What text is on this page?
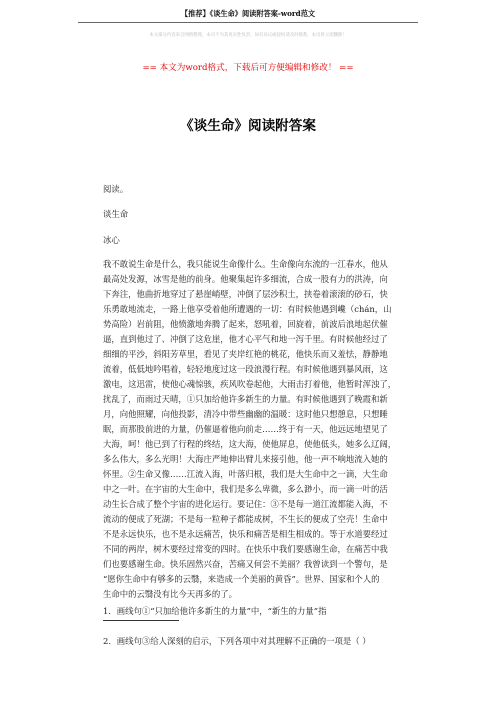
【推荐】《谈生命》阅读附答案-word范文
本文部分内容来自网络整理，本司不为其真实性负责，如有异议或侵权请及时联系，本司将立即删除！
== 本文为word格式，下载后可方便编辑和修改！ ==
《谈生命》阅读附答案
阅读。
谈生命
冰心
我不敢说生命是什么，我只能说生命像什么。生命像向东流的一江春水，他从
最高处发源，冰雪是他的前身。他聚集起许多细流，合成一股有力的洪涛，向
下奔注，他曲折地穿过了悬崖峭壁，冲倒了层沙积土，挟卷着滚滚的砂石，快
乐勇敢地流走，一路上他享受着他所遭遇的一切：有时候他遇到巉（chán，山
势高险）岩前阻，他愤激地奔腾了起来，怒吼着，回旋着，前波后浪地起伏催
逼，直到他过了、冲倒了这危崖，他才心平气和地一泻千里。有时候他经过了
细细的平沙，斜阳芳草里，看见了夹岸红艳的桃花，他快乐而又羞怯，静静地
流着，低低地吟唱着，轻轻地度过这一段浪漫行程。有时候他遇到暴风雨，这
激电，这迅雷，使他心魂惊骇，疾风吹卷起他，大雨击打着他，他暂时浑浊了，
扰乱了，而雨过天晴，①只加给他许多新生的力量。有时候他遇到了晚霞和新
月，向他照耀，向他投影，清冷中带些幽幽的温暖：这时他只想憩息，只想睡
眠，而那股前进的力量，仍催逼着他向前走……终于有一天，他远远地望见了
大海，呵！他已到了行程的终结，这大海，使他屏息，使他低头，她多么辽阔，
多么伟大，多么光明！大海庄严地伸出臂儿来接引他，他一声不响地流入她的
怀里。②生命又像……江流入海，叶落归根，我们是大生命中之一滴，大生命
中之一叶。在宇宙的大生命中，我们是多么卑微，多么渺小，而一滴一叶的活
动生长合成了整个宇宙的进化运行。要记住：③不是每一道江流都能入海，不
流动的便成了死湖；不是每一粒种子都能成树，不生长的便成了空壳！生命中
不是永远快乐，也不是永远痛苦，快乐和痛苦是相生相成的。等于水道要经过
不同的两岸，树木要经过常变的四时。在快乐中我们要感谢生命，在痛苦中我
们也要感谢生命。快乐固然兴奋，苦痛又何尝不美丽？我曾读到一个警句，是
“愿你生命中有够多的云翳，来造成一个美丽的黄昏”。世界、国家和个人的
生命中的云翳没有比今天再多的了。
1．画线句①“只加给他许多新生的力量”中，“新生的力量”指
2．画线句③给人深刻的启示，下列各项中对其理解不正确的一项是（ ）
